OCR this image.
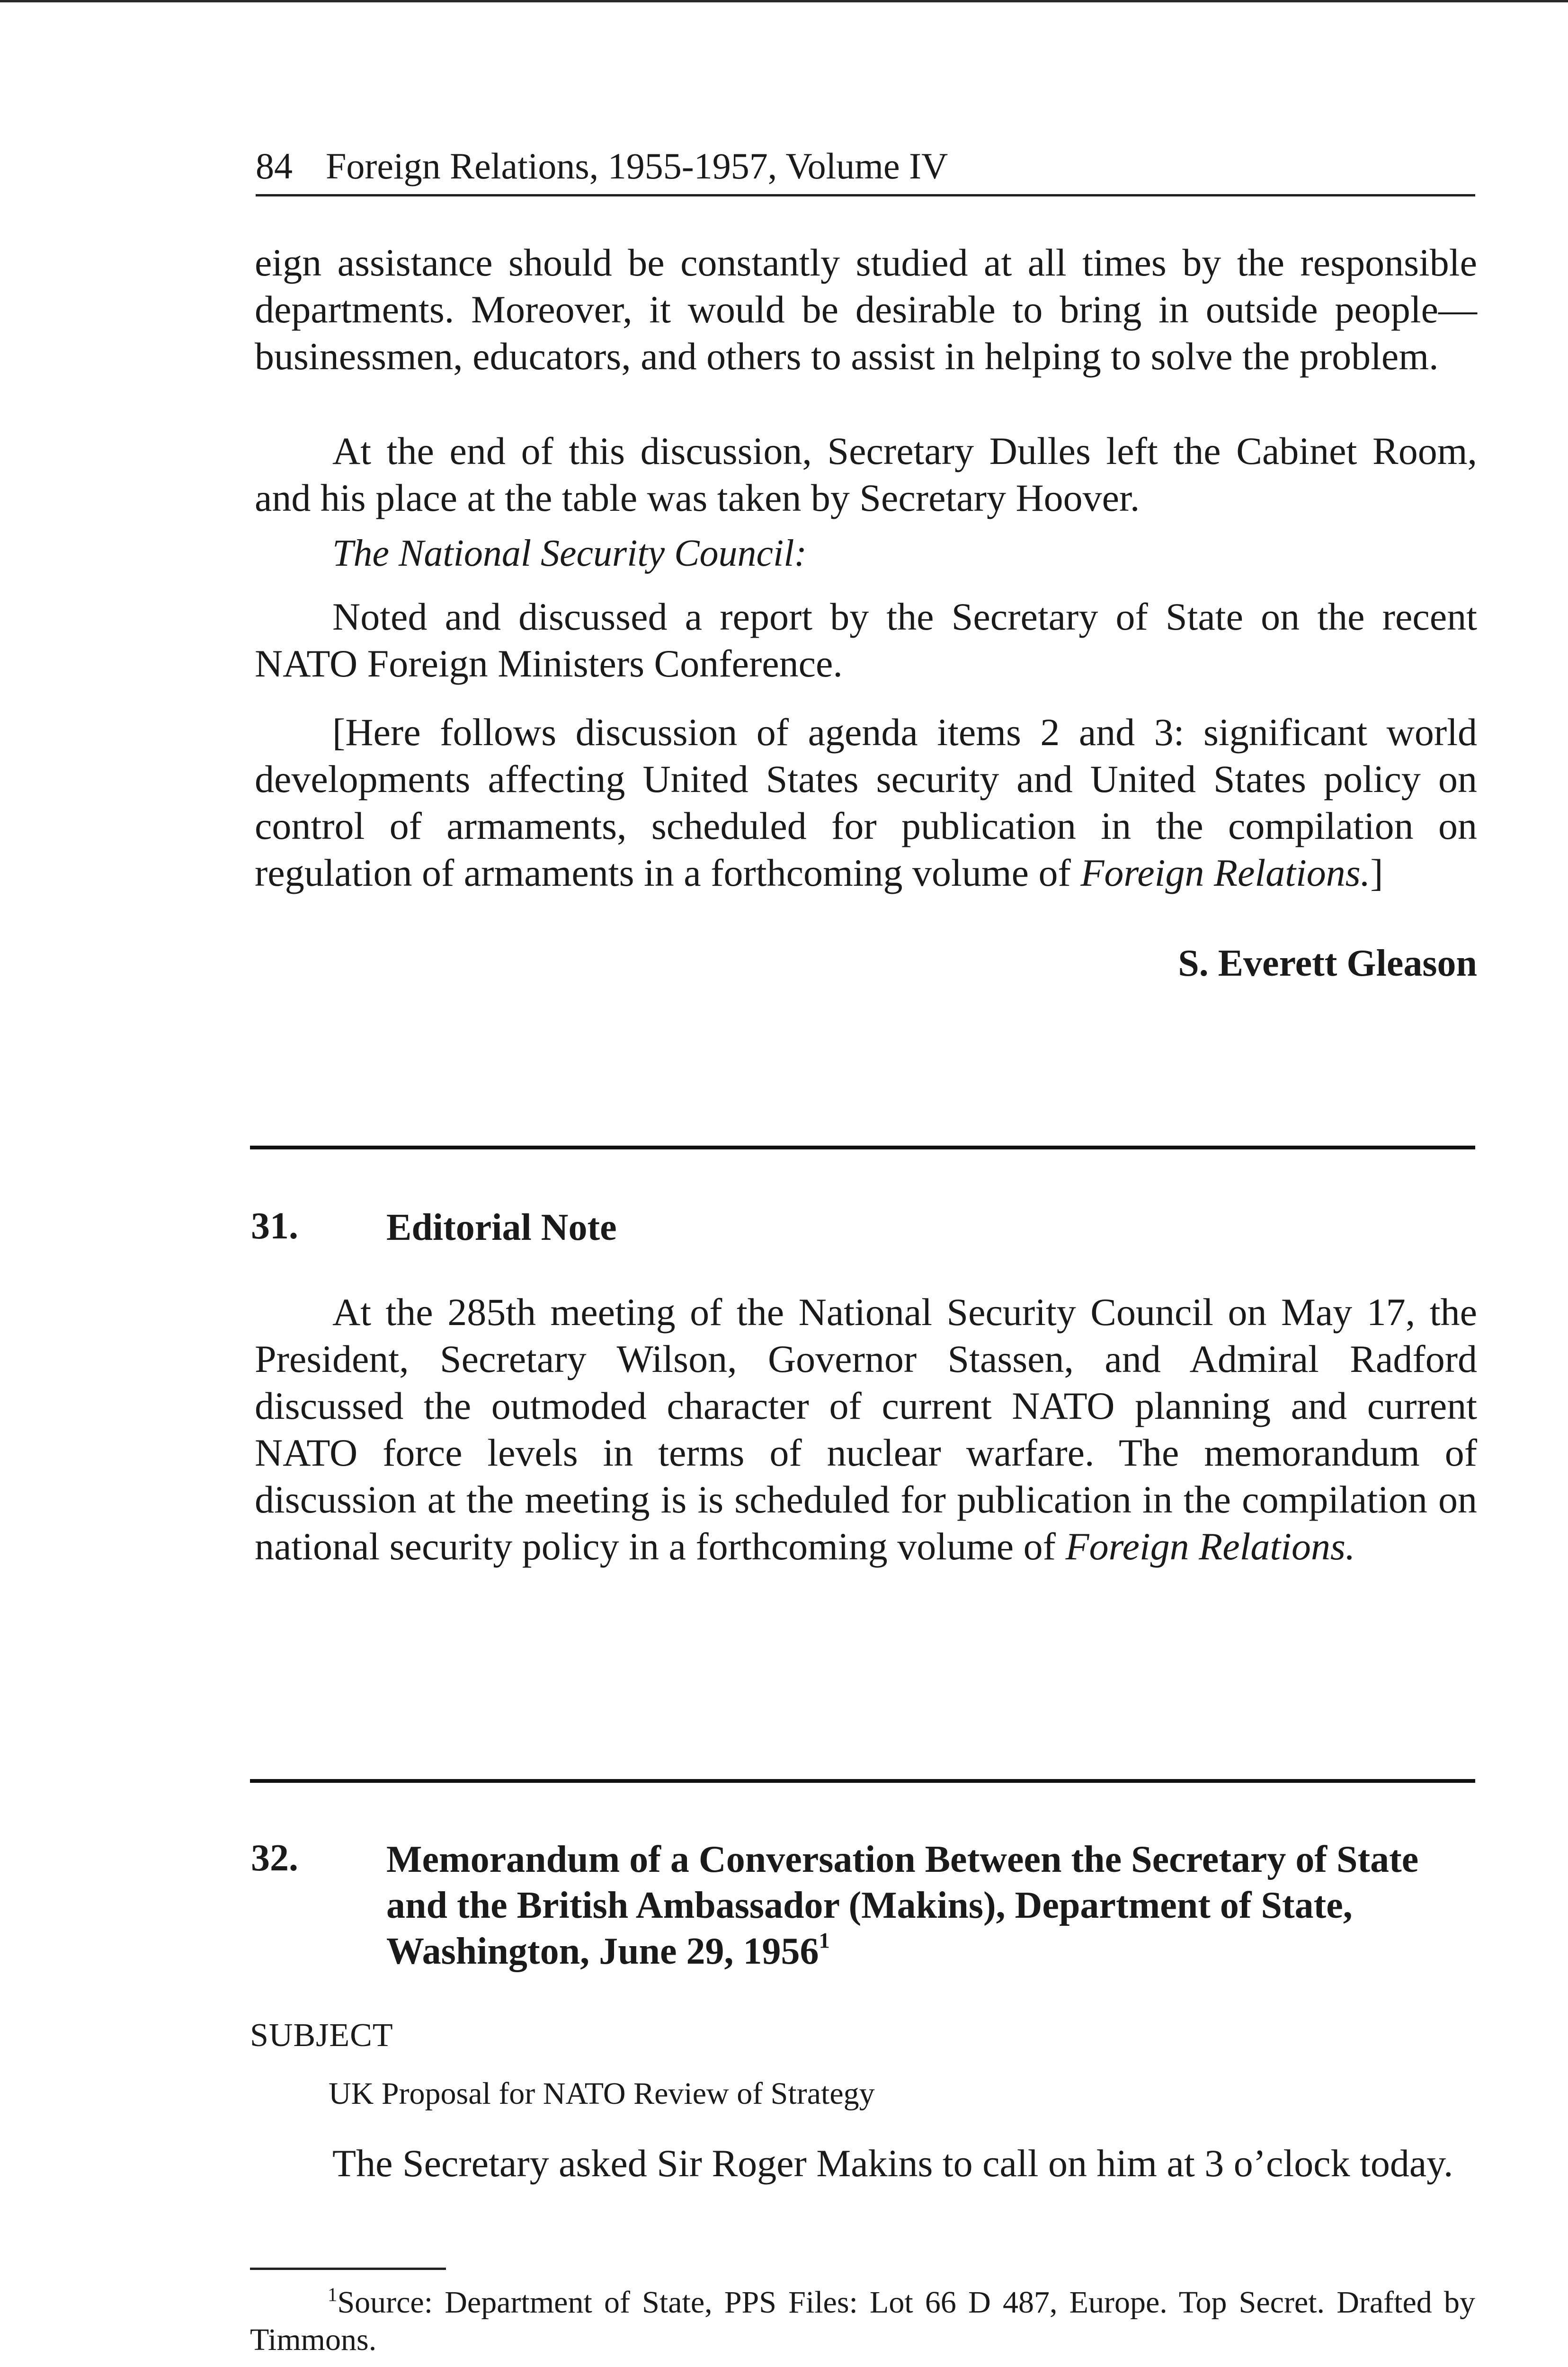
84 Foreign Relations, 1955-1957, Volume IV

eign assistance should be constantly studied at all times by the responsible departments. Moreover, it would be desirable to bring in outside people—businessmen, educators, and others to assist in helping to solve the problem.

At the end of this discussion, Secretary Dulles left the Cabinet Room, and his place at the table was taken by Secretary Hoover.

The National Security Council:

Noted and discussed a report by the Secretary of State on the recent NATO Foreign Ministers Conference.

[Here follows discussion of agenda items 2 and 3: significant world developments affecting United States security and United States policy on control of armaments, scheduled for publication in the compilation on regulation of armaments in a forthcoming volume of Foreign Relations.]

S. Everett Gleason
31. Editorial Note

At the 285th meeting of the National Security Council on May 17, the President, Secretary Wilson, Governor Stassen, and Admiral Radford discussed the outmoded character of current NATO planning and current NATO force levels in terms of nuclear warfare. The memorandum of discussion at the meeting is is scheduled for publication in the compilation on national security policy in a forthcoming volume of Foreign Relations.

32. Memorandum of a Conversation Between the Secretary of State and the British Ambassador (Makins), Department of State, Washington, June 29, 1956$^1$
SUBJECT
UK Proposal for NATO Review of Strategy

The Secretary asked Sir Roger Makins to call on him at 3 o’clock today.

$^1$Source: Department of State, PPS Files: Lot 66 D 487, Europe. Top Secret. Drafted by Timmons.
